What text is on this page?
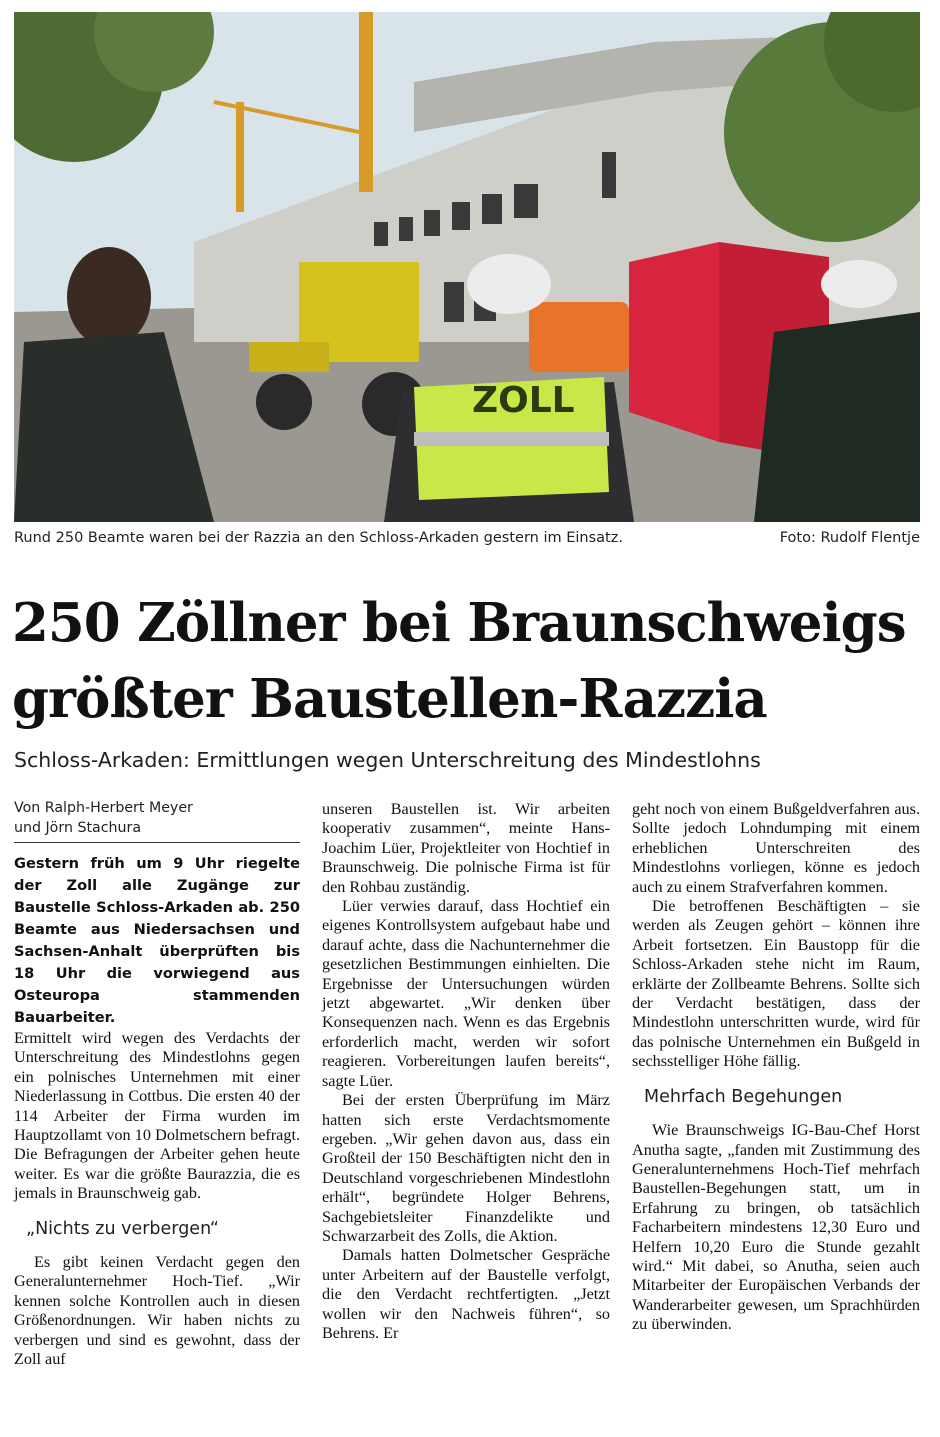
ZOLL
Rund 250 Beamte waren bei der Razzia an den Schloss-Arkaden gestern im Einsatz.	Foto: Rudolf Flentje
250 Zöllner bei Braunschweigs
größter Baustellen-Razzia
Schloss-Arkaden: Ermittlungen wegen Unterschreitung des Mindestlohns
Von Ralph-Herbert Meyer
und Jörn Stachura

Gestern früh um 9 Uhr riegelte der Zoll alle Zugänge zur Baustelle Schloss-Arkaden ab. 250 Beamte aus Niedersachsen und Sachsen-Anhalt überprüften bis 18 Uhr die vorwiegend aus Osteuropa stammenden Bauarbeiter.

Ermittelt wird wegen des Verdachts der Unterschreitung des Mindestlohns gegen ein polnisches Unternehmen mit einer Niederlassung in Cottbus. Die ersten 40 der 114 Arbeiter der Firma wurden im Hauptzollamt von 10 Dolmetschern befragt. Die Befragungen der Arbeiter gehen heute weiter. Es war die größte Baurazzia, die es jemals in Braunschweig gab.

„Nichts zu verbergen“

Es gibt keinen Verdacht gegen den Generalunternehmer Hoch-Tief. „Wir kennen solche Kontrollen auch in diesen Größenordnungen. Wir haben nichts zu verbergen und sind es gewohnt, dass der Zoll auf

unseren Baustellen ist. Wir arbeiten kooperativ zusammen“, meinte Hans-Joachim Lüer, Projektleiter von Hochtief in Braunschweig. Die polnische Firma ist für den Rohbau zuständig.

Lüer verwies darauf, dass Hochtief ein eigenes Kontrollsystem aufgebaut habe und darauf achte, dass die Nachunternehmer die gesetzlichen Bestimmungen einhielten. Die Ergebnisse der Untersuchungen würden jetzt abgewartet. „Wir denken über Konsequenzen nach. Wenn es das Ergebnis erforderlich macht, werden wir sofort reagieren. Vorbereitungen laufen bereits“, sagte Lüer.

Bei der ersten Überprüfung im März hatten sich erste Verdachtsmomente ergeben. „Wir gehen davon aus, dass ein Großteil der 150 Beschäftigten nicht den in Deutschland vorgeschriebenen Mindestlohn erhält“, begründete Holger Behrens, Sachgebietsleiter Finanzdelikte und Schwarzarbeit des Zolls, die Aktion.

Damals hatten Dolmetscher Gespräche unter Arbeitern auf der Baustelle verfolgt, die den Verdacht rechtfertigten. „Jetzt wollen wir den Nachweis führen“, so Behrens. Er

geht noch von einem Bußgeldverfahren aus. Sollte jedoch Lohndumping mit einem erheblichen Unterschreiten des Mindestlohns vorliegen, könne es jedoch auch zu einem Strafverfahren kommen.

Die betroffenen Beschäftigten – sie werden als Zeugen gehört – können ihre Arbeit fortsetzen. Ein Baustopp für die Schloss-Arkaden stehe nicht im Raum, erklärte der Zollbeamte Behrens. Sollte sich der Verdacht bestätigen, dass der Mindestlohn unterschritten wurde, wird für das polnische Unternehmen ein Bußgeld in sechsstelliger Höhe fällig.

Mehrfach Begehungen

Wie Braunschweigs IG-Bau-Chef Horst Anutha sagte, „fanden mit Zustimmung des Generalunternehmens Hoch-Tief mehrfach Baustellen-Begehungen statt, um in Erfahrung zu bringen, ob tatsächlich Facharbeitern mindestens 12,30 Euro und Helfern 10,20 Euro die Stunde gezahlt wird.“ Mit dabei, so Anutha, seien auch Mitarbeiter der Europäischen Verbands der Wanderarbeiter gewesen, um Sprachhürden zu überwinden.
